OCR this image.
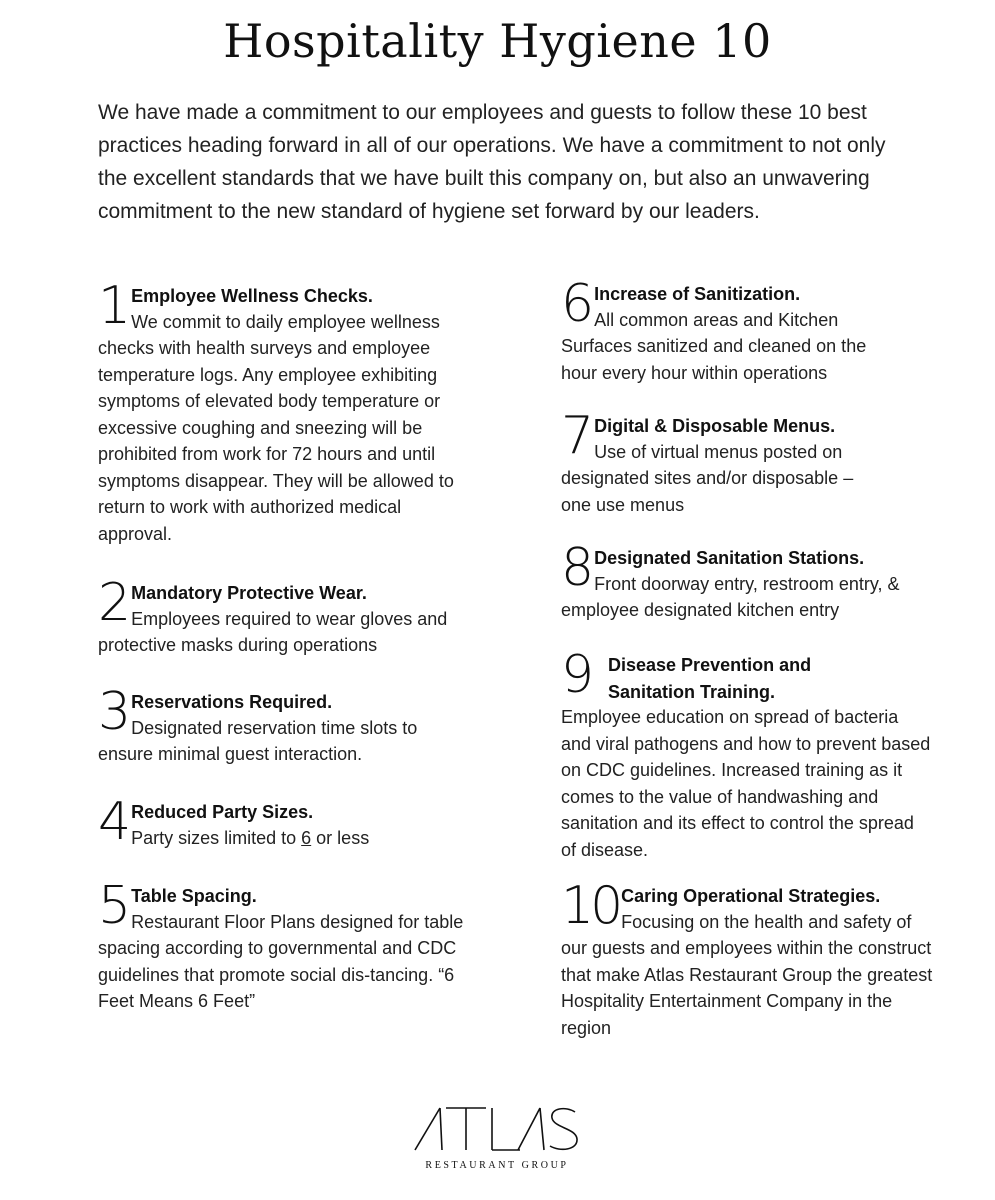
Hospitality Hygiene 10

We have made a commitment to our employees and guests to follow these 10 best practices heading forward in all of our operations. We have a commitment to not only the excellent standards that we have built this company on, but also an unwavering commitment to the new standard of hygiene set forward by our leaders.

1 Employee Wellness Checks.
We commit to daily employee wellness checks with health surveys and employee temperature logs. Any employee exhibiting symptoms of elevated body temperature or excessive coughing and sneezing will be prohibited from work for 72 hours and until symptoms disappear. They will be allowed to return to work with authorized medical approval.
2 Mandatory Protective Wear.
Employees required to wear gloves and protective masks during operations
3 Reservations Required.
Designated reservation time slots to ensure minimal guest interaction.
4 Reduced Party Sizes.
Party sizes limited to 6 or less
5 Table Spacing.
Restaurant Floor Plans designed for table spacing according to governmental and CDC guidelines that promote social dis-tancing. “6 Feet Means 6 Feet”
6 Increase of Sanitization.
All common areas and Kitchen Surfaces sanitized and cleaned on the hour every hour within operations
7 Digital & Disposable Menus.
Use of virtual menus posted on designated sites and/or disposable – one use menus
8 Designated Sanitation Stations.
Front doorway entry, restroom entry, & employee designated kitchen entry
9 Disease Prevention and Sanitation Training.
Employee education on spread of bacteria and viral pathogens and how to prevent based on CDC guidelines. Increased training as it comes to the value of handwashing and sanitation and its effect to control the spread of disease.
10 Caring Operational Strategies.
Focusing on the health and safety of our guests and employees within the construct that make Atlas Restaurant Group the greatest Hospitality Entertainment Company in the region
RESTAURANT GROUP
